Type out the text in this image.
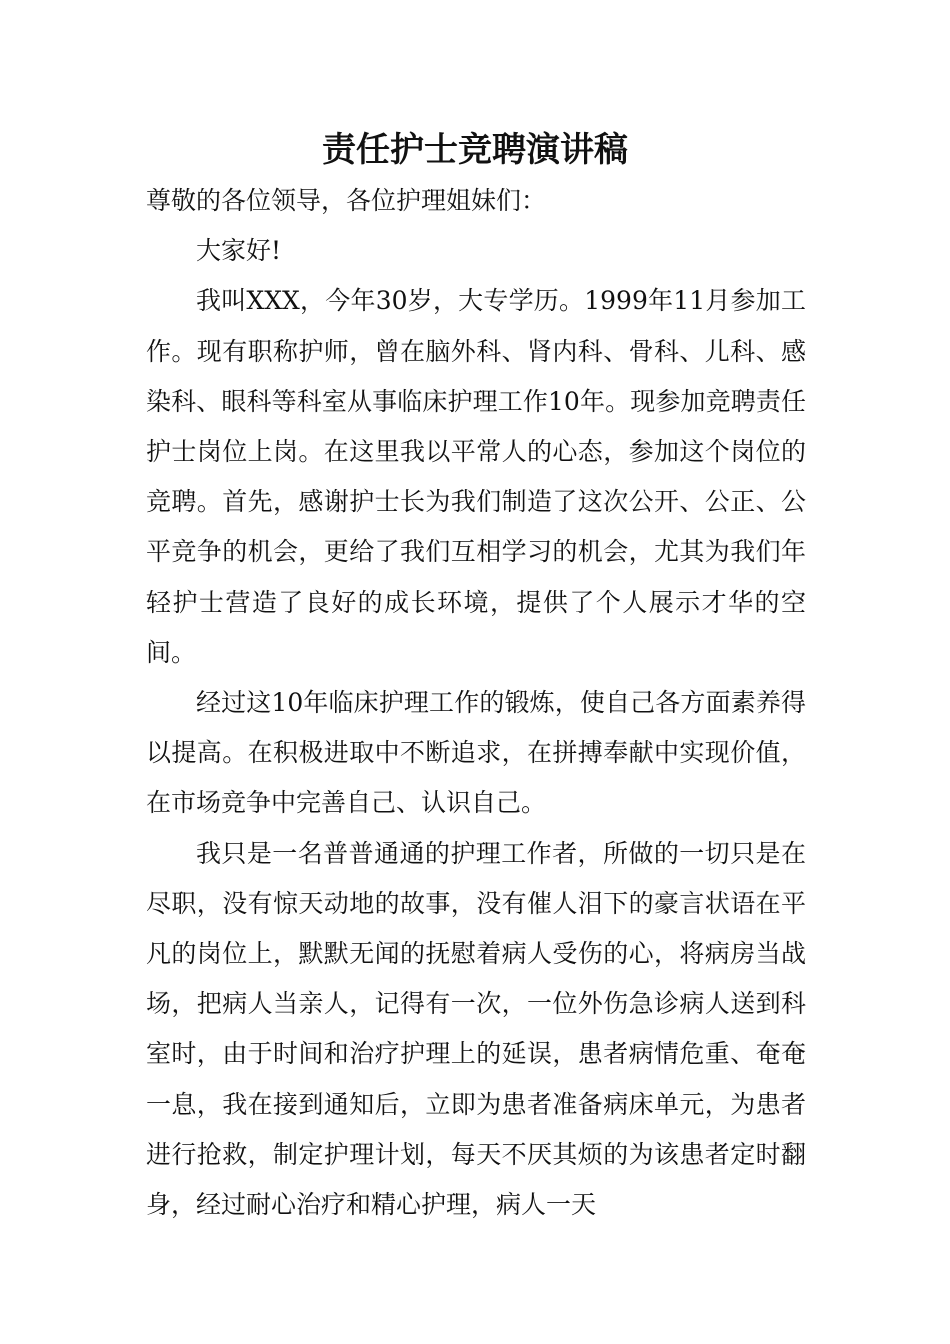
责任护士竞聘演讲稿

尊敬的各位领导，各位护理姐妹们：

大家好!

我叫XXX，今年30岁，大专学历。1999年11月参加工作。现有职称护师，曾在脑外科、肾内科、骨科、儿科、感染科、眼科等科室从事临床护理工作10年。现参加竞聘责任护士岗位上岗。在这里我以平常人的心态，参加这个岗位的竞聘。首先，感谢护士长为我们制造了这次公开、公正、公平竞争的机会，更给了我们互相学习的机会，尤其为我们年轻护士营造了良好的成长环境，提供了个人展示才华的空间。

经过这10年临床护理工作的锻炼，使自己各方面素养得以提高。在积极进取中不断追求，在拼搏奉献中实现价值，在市场竞争中完善自己、认识自己。

我只是一名普普通通的护理工作者，所做的一切只是在尽职，没有惊天动地的故事，没有催人泪下的豪言状语在平凡的岗位上，默默无闻的抚慰着病人受伤的心，将病房当战场，把病人当亲人，记得有一次，一位外伤急诊病人送到科室时，由于时间和治疗护理上的延误，患者病情危重、奄奄一息，我在接到通知后，立即为患者准备病床单元，为患者进行抢救，制定护理计划，每天不厌其烦的为该患者定时翻身，经过耐心治疗和精心护理，病人一天
